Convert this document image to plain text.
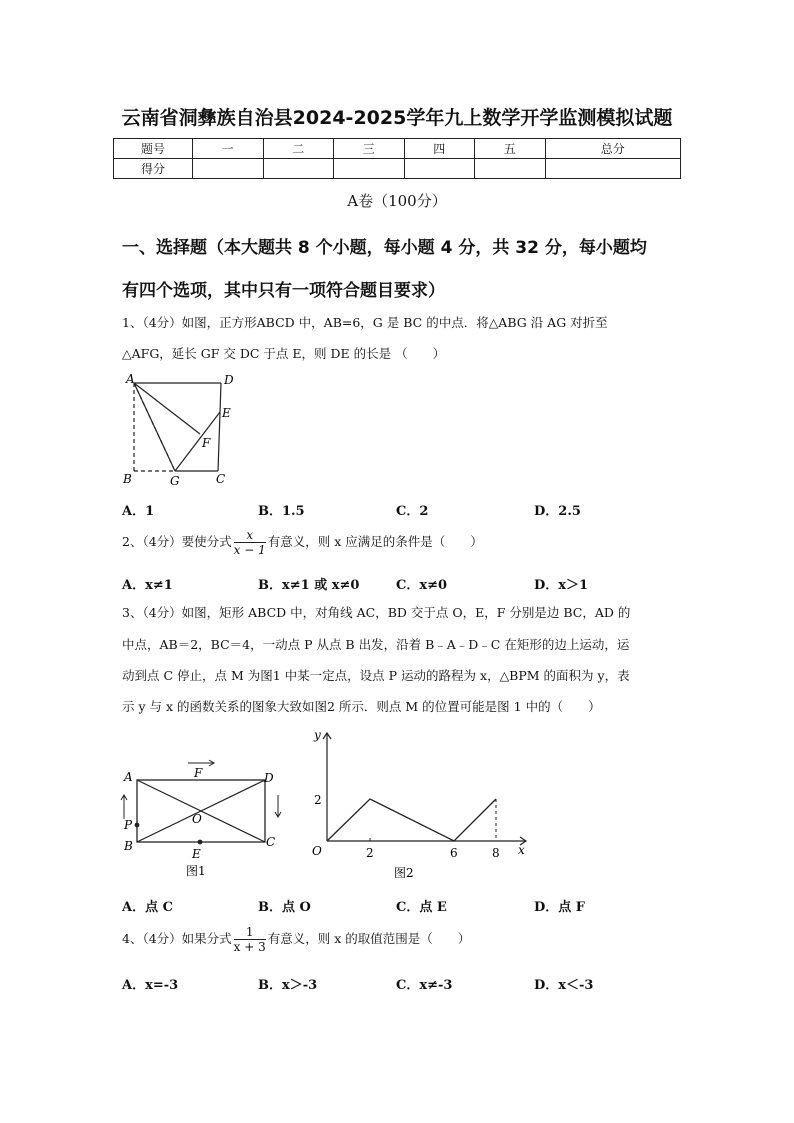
云南省洞彝族自治县2024-2025学年九上数学开学监测模拟试题
题号	一	二	三	四	五	总分
得分						
A卷（100分）
一、选择题（本大题共 8 个小题，每小题 4 分，共 32 分，每小题均
有四个选项，其中只有一项符合题目要求）
1、（4分）如图，正方形ABCD 中，AB=6，G 是 BC 的中点．将△ABG 沿 AG 对折至
△AFG，延长 GF 交 DC 于点 E，则 DE 的长是 （　　）
A	D
E
F
B	G	C
A．1	B．1.5	C．2	D．2.5
2、（4分）要使分式 $\frac{x}{x - 1}$ 有意义，则 x 应满足的条件是（　　）
A．x≠1	B．x≠1 或 x≠0	C．x≠0	D．x＞1
3、（4分）如图，矩形 ABCD 中，对角线 AC，BD 交于点 O，E，F 分别是边 BC，AD 的
中点，AB＝2，BC＝4，一动点 P 从点 B 出发，沿着 B﹣A﹣D﹣C 在矩形的边上运动，运
动到点 C 停止，点 M 为图1 中某一定点，设点 P 运动的路程为 x，△BPM 的面积为 y，表
示 y 与 x 的函数关系的图象大致如图2 所示．则点 M 的位置可能是图 1 中的（　　）
A	D
F
O
P
B	C
E
图1
y
x
O
2
2	6	8
图2
A．点 C	B．点 O	C．点 E	D．点 F
4、（4分）如果分式 $\frac{1}{x + 3}$ 有意义，则 x 的取值范围是（　　）
A．x=-3	B．x＞-3	C．x≠-3	D．x＜-3
